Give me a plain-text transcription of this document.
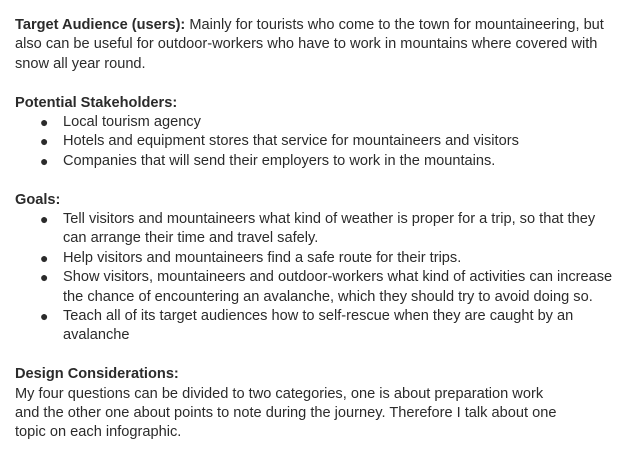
Target Audience (users): Mainly for tourists who come to the town for mountaineering, but also can be useful for outdoor-workers who have to work in mountains where covered with snow all year round.

Potential Stakeholders:

● Local tourism agency
● Hotels and equipment stores that service for mountaineers and visitors
● Companies that will send their employers to work in the mountains.

Goals:

● Tell visitors and mountaineers what kind of weather is proper for a trip, so that they can arrange their time and travel safely.
● Help visitors and mountaineers find a safe route for their trips.
● Show visitors, mountaineers and outdoor-workers what kind of activities can increase the chance of encountering an avalanche, which they should try to avoid doing so.
● Teach all of its target audiences how to self-rescue when they are caught by an avalanche

Design Considerations:

My four questions can be divided to two categories, one is about preparation work

and the other one about points to note during the journey. Therefore I talk about one

topic on each infographic.
